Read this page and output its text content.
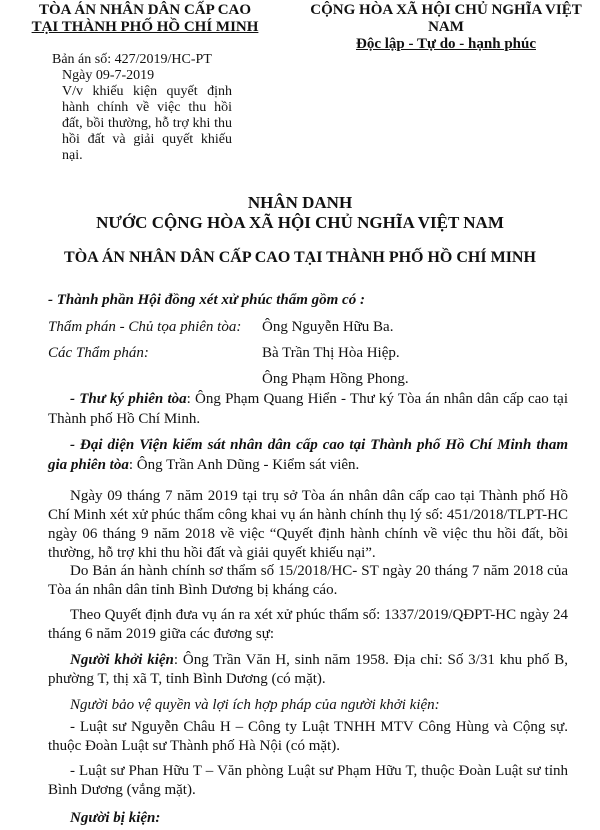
TÒA ÁN NHÂN DÂN CẤP CAO
TẠI THÀNH PHỐ HỒ CHÍ MINH
CỘNG HÒA XÃ HỘI CHỦ NGHĨA VIỆT NAM
Độc lập - Tự do - hạnh phúc
Bản án số: 427/2019/HC-PT
Ngày 09-7-2019
V/v khiếu kiện quyết định hành chính về việc thu hồi đất, bồi thường, hỗ trợ khi thu hồi đất và giải quyết khiếu nại.
NHÂN DANH
NƯỚC CỘNG HÒA XÃ HỘI CHỦ NGHĨA VIỆT NAM
TÒA ÁN NHÂN DÂN CẤP CAO TẠI THÀNH PHỐ HỒ CHÍ MINH
- Thành phần Hội đồng xét xử phúc thẩm gồm có :
Thẩm phán - Chủ tọa phiên tòa: Ông Nguyễn Hữu Ba.
Các Thẩm phán:	Bà Trần Thị Hòa Hiệp.
Ông Phạm Hồng Phong.
- Thư ký phiên tòa: Ông Phạm Quang Hiển - Thư ký Tòa án nhân dân cấp cao tại Thành phố Hồ Chí Minh.
- Đại diện Viện kiểm sát nhân dân cấp cao tại Thành phố Hồ Chí Minh tham gia phiên tòa: Ông Trần Anh Dũng - Kiểm sát viên.
Ngày 09 tháng 7 năm 2019 tại trụ sở Tòa án nhân dân cấp cao tại Thành phố Hồ Chí Minh xét xử phúc thẩm công khai vụ án hành chính thụ lý số: 451/2018/TLPT-HC ngày 06 tháng 9 năm 2018 về việc “Quyết định hành chính về việc thu hồi đất, bồi thường, hỗ trợ khi thu hồi đất và giải quyết khiếu nại”.
Do Bản án hành chính sơ thẩm số 15/2018/HC- ST ngày 20 tháng 7 năm 2018 của Tòa án nhân dân tỉnh Bình Dương bị kháng cáo.
Theo Quyết định đưa vụ án ra xét xử phúc thẩm số: 1337/2019/QĐPT-HC ngày 24 tháng 6 năm 2019 giữa các đương sự:
Người khởi kiện: Ông Trần Văn H, sinh năm 1958. Địa chỉ: Số 3/31 khu phố B, phường T, thị xã T, tỉnh Bình Dương (có mặt).
Người bảo vệ quyền và lợi ích hợp pháp của người khởi kiện:
- Luật sư Nguyễn Châu H – Công ty Luật TNHH MTV Công Hùng và Cộng sự. thuộc Đoàn Luật sư Thành phố Hà Nội (có mặt).
- Luật sư Phan Hữu T – Văn phòng Luật sư Phạm Hữu T, thuộc Đoàn Luật sư tỉnh Bình Dương (vắng mặt).
Người bị kiện:
